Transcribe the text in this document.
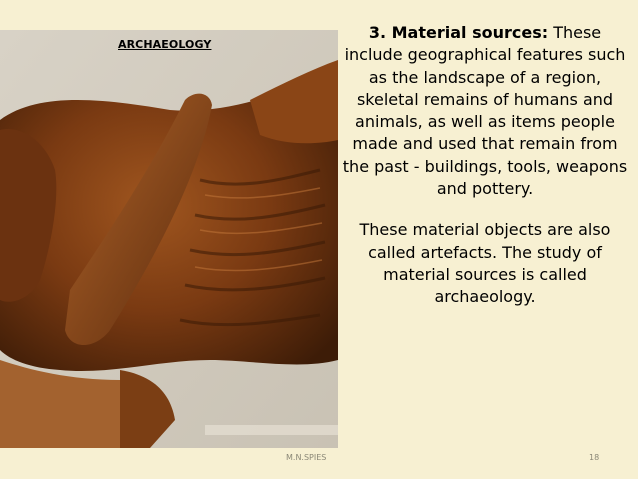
ARCHAEOLOGY

3. Material sources: These include geographical features such as the landscape of a region, skeletal remains of humans and animals, as well as items people made and used that remain from the past - buildings, tools, weapons and pottery.

These material objects are also called artefacts. The study of material sources is called archaeology.

M.N.SPIES	18
